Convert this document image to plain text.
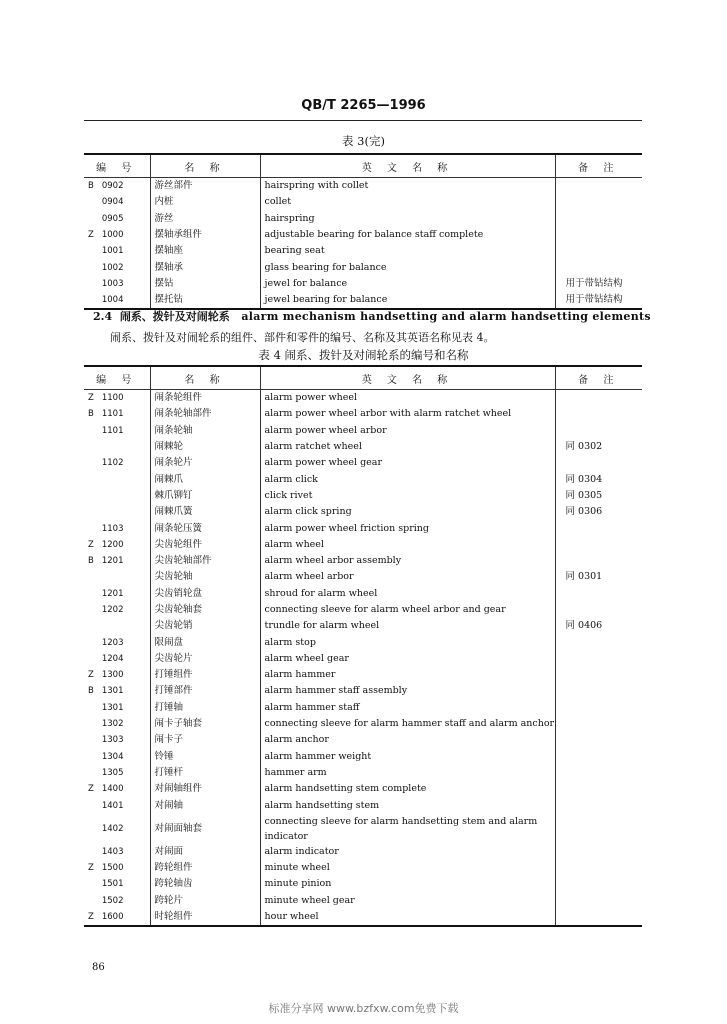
QB/T 2265—1996
表 3(完)
编 号	名 称	英 文 名 称	备 注

B 0902	游丝部件	hairspring with collet	

0904	内桩	collet	

0905	游丝	hairspring	

Z 1000	摆轴承组件	adjustable bearing for balance staff complete	

1001	摆轴座	bearing seat	

1002	摆轴承	glass bearing for balance	

1003	摆钻	jewel for balance	用于带钻结构

1004	摆托钻	jewel bearing for balance	用于带钻结构
2.4 闹系、拨针及对闹轮系 alarm mechanism handsetting and alarm handsetting elements
闹系、拨针及对闹轮系的组件、部件和零件的编号、名称及其英语名称见表 4。
表 4 闹系、拨针及对闹轮系的编号和名称
编 号	名 称	英 文 名 称	备 注

Z 1100	闹条轮组件	alarm power wheel	

B 1101	闹条轮轴部件	alarm power wheel arbor with alarm ratchet wheel	

1101	闹条轮轴	alarm power wheel arbor	

	闹棘轮	alarm ratchet wheel	同 0302

1102	闹条轮片	alarm power wheel gear	

	闹棘爪	alarm click	同 0304

	棘爪铆钉	click rivet	同 0305

	闹棘爪簧	alarm click spring	同 0306

1103	闹条轮压簧	alarm power wheel friction spring	

Z 1200	尖齿轮组件	alarm wheel	

B 1201	尖齿轮轴部件	alarm wheel arbor assembly	

	尖齿轮轴	alarm wheel arbor	同 0301

1201	尖齿销轮盘	shroud for alarm wheel	

1202	尖齿轮轴套	connecting sleeve for alarm wheel arbor and gear	

	尖齿轮销	trundle for alarm wheel	同 0406

1203	限闹盘	alarm stop	

1204	尖齿轮片	alarm wheel gear	

Z 1300	打锤组件	alarm hammer	

B 1301	打锤部件	alarm hammer staff assembly	

1301	打锤轴	alarm hammer staff	

1302	闹卡子轴套	connecting sleeve for alarm hammer staff and alarm anchor	

1303	闹卡子	alarm anchor	

1304	铃锤	alarm hammer weight	

1305	打锤杆	hammer arm	

Z 1400	对闹轴组件	alarm handsetting stem complete	

1401	对闹轴	alarm handsetting stem	

1402	对闹面轴套	connecting sleeve for alarm handsetting stem and alarm indicator	

1403	对闹面	alarm indicator	

Z 1500	跨轮组件	minute wheel	

1501	跨轮轴齿	minute pinion	

1502	跨轮片	minute wheel gear	

Z 1600	时轮组件	hour wheel	
86
标准分享网 www.bzfxw.com免费下载
